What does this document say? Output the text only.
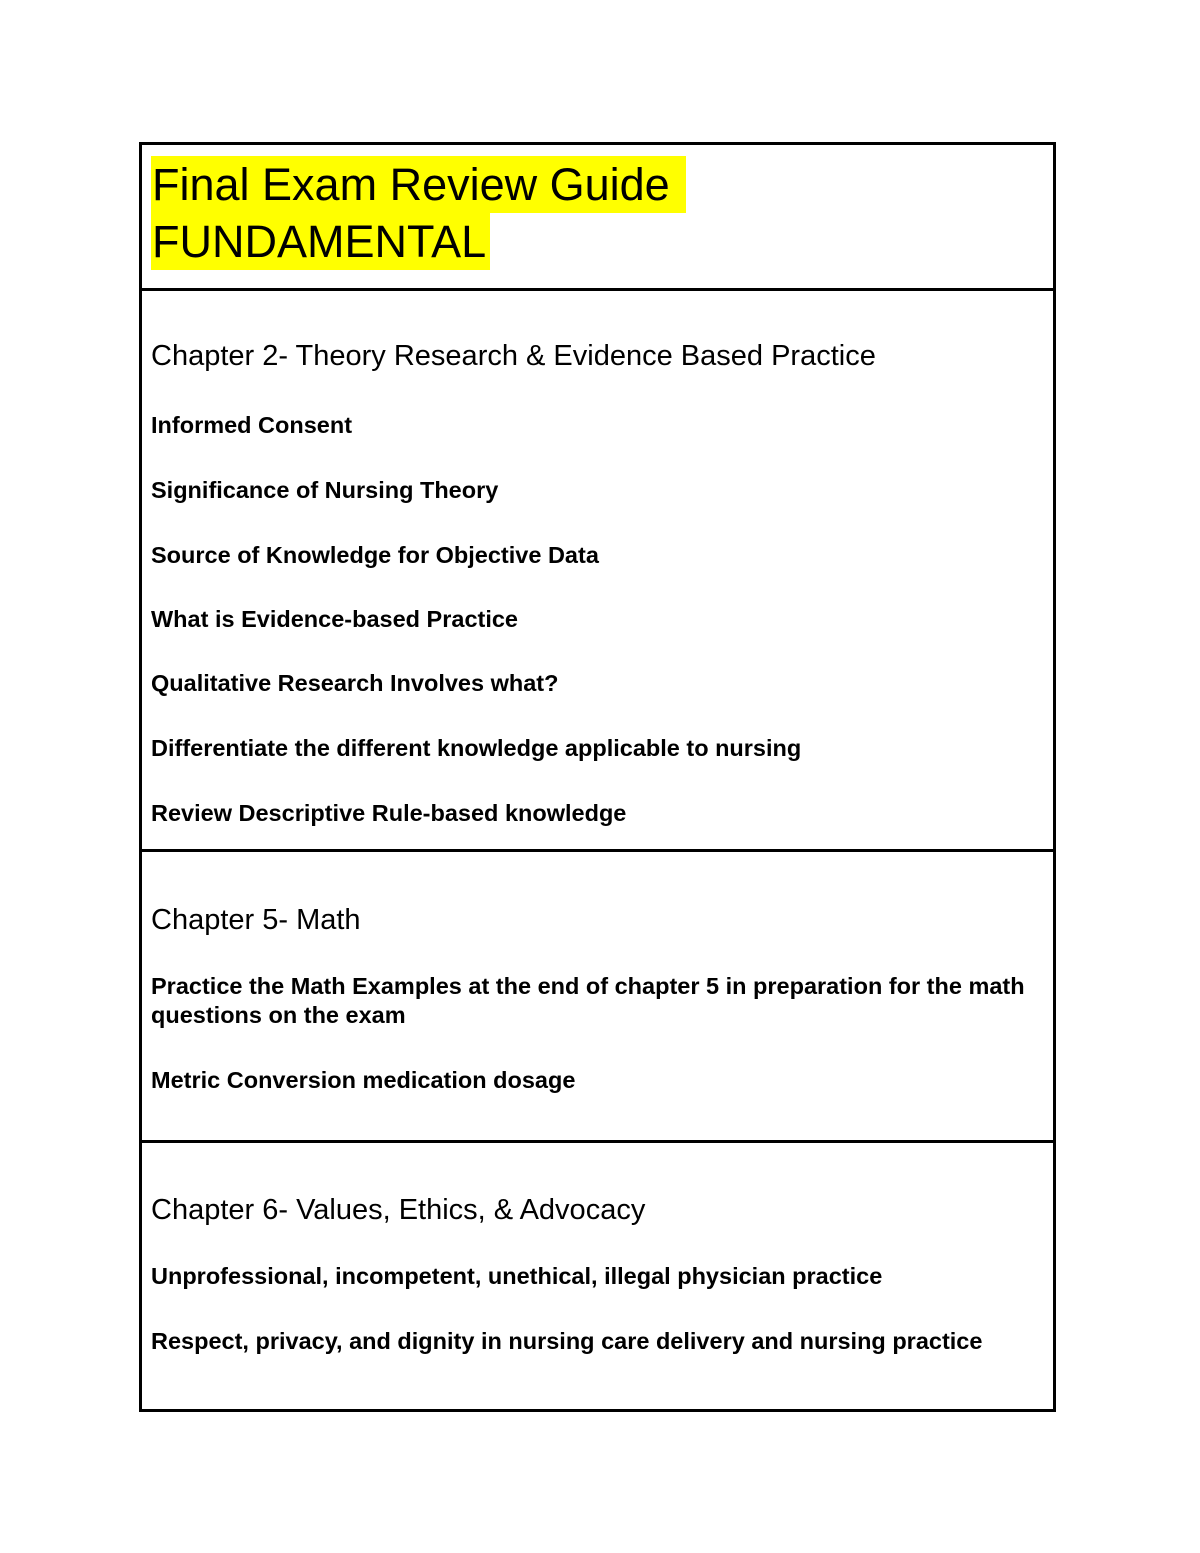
Final Exam Review Guide
FUNDAMENTAL
Chapter 2- Theory Research & Evidence Based Practice
Informed Consent
Significance of Nursing Theory
Source of Knowledge for Objective Data
What is Evidence-based Practice
Qualitative Research Involves what?
Differentiate the different knowledge applicable to nursing
Review Descriptive Rule-based knowledge
Chapter 5- Math
Practice the Math Examples at the end of chapter 5 in preparation for the math questions on the exam
Metric Conversion medication dosage
Chapter 6- Values, Ethics, & Advocacy
Unprofessional, incompetent, unethical, illegal physician practice
Respect, privacy, and dignity in nursing care delivery and nursing practice
